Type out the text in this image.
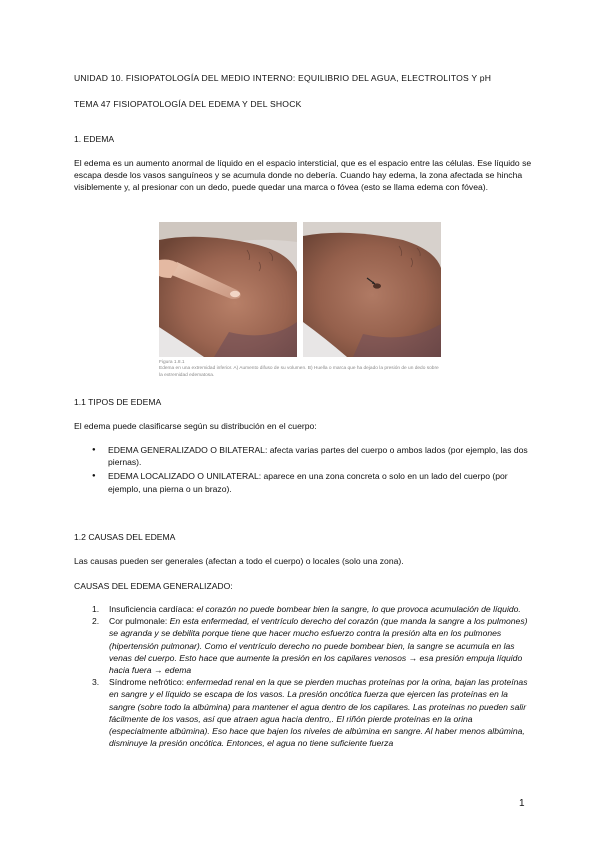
UNIDAD 10. FISIOPATOLOGÍA DEL MEDIO INTERNO: EQUILIBRIO DEL AGUA, ELECTROLITOS Y pH
TEMA 47 FISIOPATOLOGÍA DEL EDEMA Y DEL SHOCK
1. EDEMA

El edema es un aumento anormal de líquido en el espacio intersticial, que es el espacio entre las células. Ese líquido se escapa desde los vasos sanguíneos y se acumula donde no debería. Cuando hay edema, la zona afectada se hincha visiblemente y, al presionar con un dedo, puede quedar una marca o fóvea (esto se llama edema con fóvea).

Figura 1.8.1
Edema en una extremidad inferior. A) Aumento difuso de su volumen. B) Huella o marca que ha dejado la presión de un dedo sobre la extremidad edematosa.
1.1 TIPOS DE EDEMA

El edema puede clasificarse según su distribución en el cuerpo:

● EDEMA GENERALIZADO O BILATERAL: afecta varias partes del cuerpo o ambos lados (por ejemplo, las dos piernas).
● EDEMA LOCALIZADO O UNILATERAL: aparece en una zona concreta o solo en un lado del cuerpo (por ejemplo, una pierna o un brazo).
1.2 CAUSAS DEL EDEMA

Las causas pueden ser generales (afectan a todo el cuerpo) o locales (solo una zona).

CAUSAS DEL EDEMA GENERALIZADO:
1. Insuficiencia cardíaca: el corazón no puede bombear bien la sangre, lo que provoca acumulación de líquido.
2. Cor pulmonale: En esta enfermedad, el ventrículo derecho del corazón (que manda la sangre a los pulmones) se agranda y se debilita porque tiene que hacer mucho esfuerzo contra la presión alta en los pulmones (hipertensión pulmonar). Como el ventrículo derecho no puede bombear bien, la sangre se acumula en las venas del cuerpo. Esto hace que aumente la presión en los capilares venosos → esa presión empuja líquido hacia fuera → edema
3. Síndrome nefrótico: enfermedad renal en la que se pierden muchas proteínas por la orina, bajan las proteínas en sangre y el líquido se escapa de los vasos. La presión oncótica fuerza que ejercen las proteínas en la sangre (sobre todo la albúmina) para mantener el agua dentro de los capilares. Las proteínas no pueden salir fácilmente de los vasos, así que atraen agua hacia dentro,. El riñón pierde proteínas en la orina (especialmente albúmina). Eso hace que bajen los niveles de albúmina en sangre. Al haber menos albúmina, disminuye la presión oncótica. Entonces, el agua no tiene suficiente fuerza
1
